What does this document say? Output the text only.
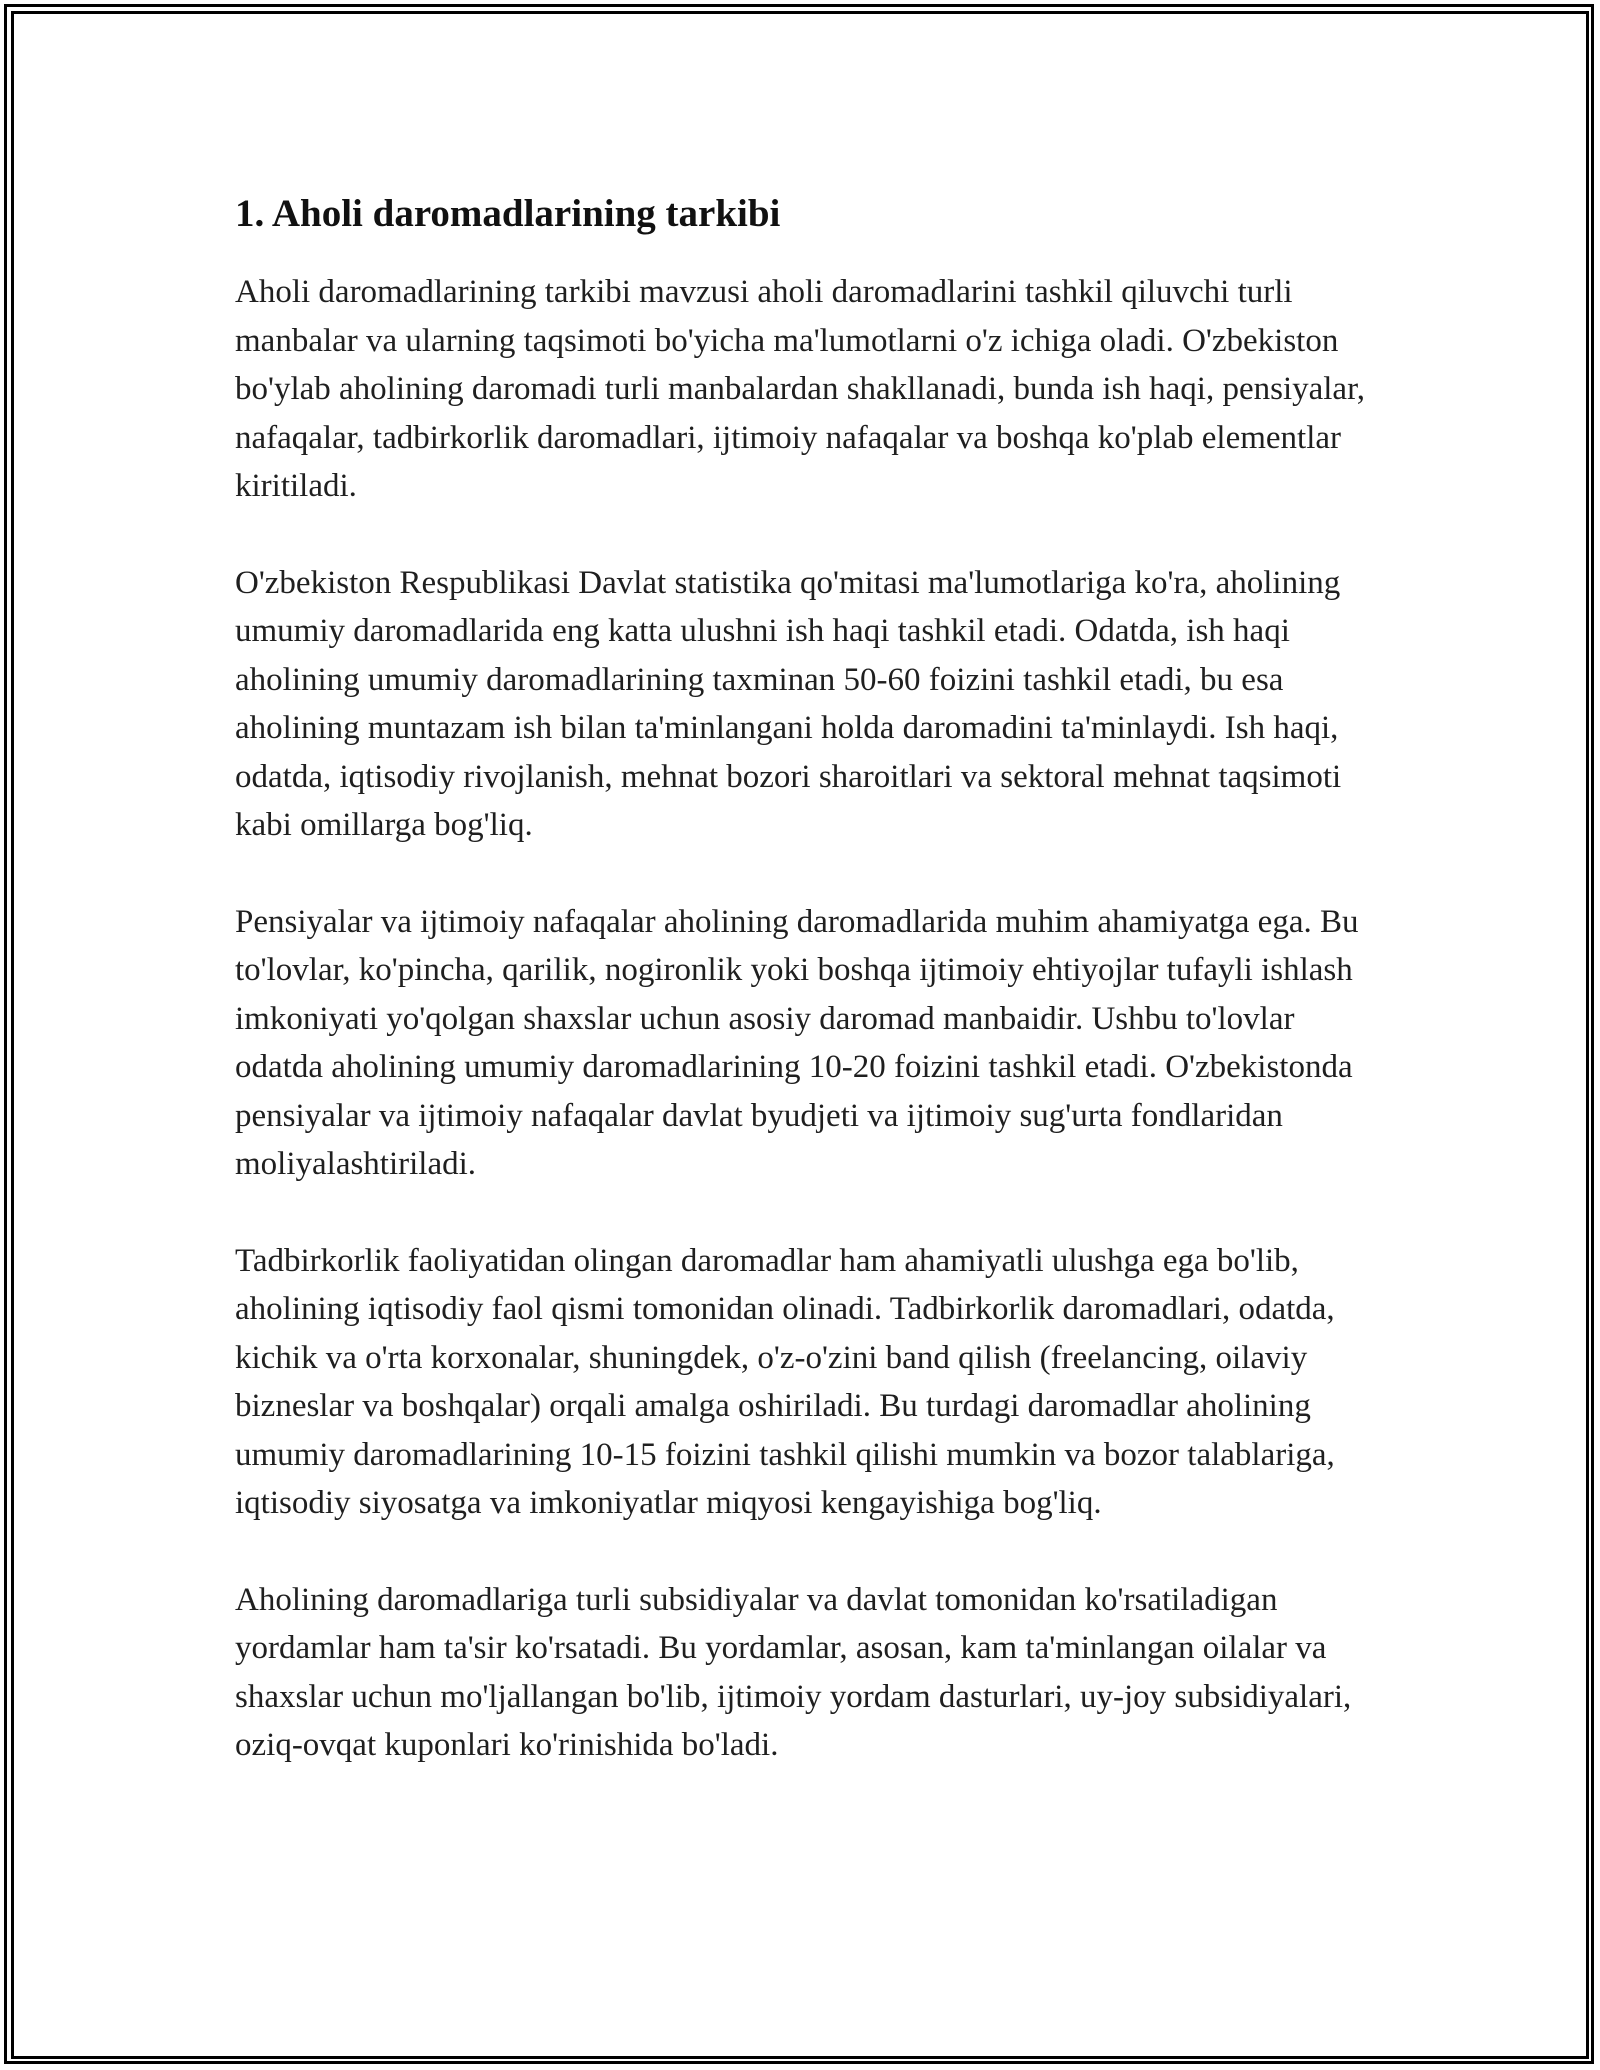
1. Aholi daromadlarining tarkibi

Aholi daromadlarining tarkibi mavzusi aholi daromadlarini tashkil qiluvchi turli manbalar va ularning taqsimoti bo'yicha ma'lumotlarni o'z ichiga oladi. O'zbekiston bo'ylab aholining daromadi turli manbalardan shakllanadi, bunda ish haqi, pensiyalar, nafaqalar, tadbirkorlik daromadlari, ijtimoiy nafaqalar va boshqa ko'plab elementlar kiritiladi.

O'zbekiston Respublikasi Davlat statistika qo'mitasi ma'lumotlariga ko'ra, aholining umumiy daromadlarida eng katta ulushni ish haqi tashkil etadi. Odatda, ish haqi aholining umumiy daromadlarining taxminan 50-60 foizini tashkil etadi, bu esa aholining muntazam ish bilan ta'minlangani holda daromadini ta'minlaydi. Ish haqi, odatda, iqtisodiy rivojlanish, mehnat bozori sharoitlari va sektoral mehnat taqsimoti kabi omillarga bog'liq.

Pensiyalar va ijtimoiy nafaqalar aholining daromadlarida muhim ahamiyatga ega. Bu to'lovlar, ko'pincha, qarilik, nogironlik yoki boshqa ijtimoiy ehtiyojlar tufayli ishlash imkoniyati yo'qolgan shaxslar uchun asosiy daromad manbaidir. Ushbu to'lovlar odatda aholining umumiy daromadlarining 10-20 foizini tashkil etadi. O'zbekistonda pensiyalar va ijtimoiy nafaqalar davlat byudjeti va ijtimoiy sug'urta fondlaridan moliyalashtiriladi.

Tadbirkorlik faoliyatidan olingan daromadlar ham ahamiyatli ulushga ega bo'lib, aholining iqtisodiy faol qismi tomonidan olinadi. Tadbirkorlik daromadlari, odatda, kichik va o'rta korxonalar, shuningdek, o'z-o'zini band qilish (freelancing, oilaviy bizneslar va boshqalar) orqali amalga oshiriladi. Bu turdagi daromadlar aholining umumiy daromadlarining 10-15 foizini tashkil qilishi mumkin va bozor talablariga, iqtisodiy siyosatga va imkoniyatlar miqyosi kengayishiga bog'liq.

Aholining daromadlariga turli subsidiyalar va davlat tomonidan ko'rsatiladigan yordamlar ham ta'sir ko'rsatadi. Bu yordamlar, asosan, kam ta'minlangan oilalar va shaxslar uchun mo'ljallangan bo'lib, ijtimoiy yordam dasturlari, uy-joy subsidiyalari, oziq-ovqat kuponlari ko'rinishida bo'ladi.
